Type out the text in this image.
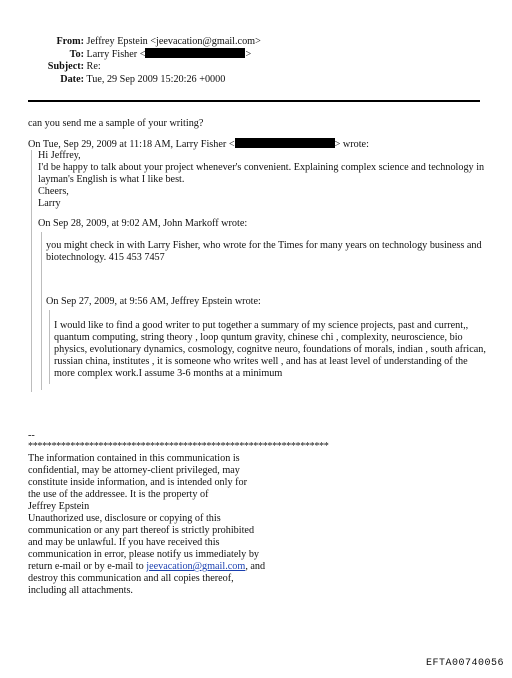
From: Jeffrey Epstein <jeevacation@gmail.com>
To: Larry Fisher <	>
Subject: Re:
Date: Tue, 29 Sep 2009 15:20:26 +0000
can you send me a sample of your writing?
On Tue, Sep 29, 2009 at 11:18 AM, Larry Fisher <	> wrote:
Hi Jeffrey,
I'd be happy to talk about your project whenever's convenient. Explaining complex science and technology in
layman's English is what I like best.
Cheers,
Larry
On Sep 28, 2009, at 9:02 AM, John Markoff wrote:
you might check in with Larry Fisher, who wrote for the Times for many years on technology business and
biotechnology. 415 453 7457
On Sep 27, 2009, at 9:56 AM, Jeffrey Epstein wrote:
I would like to find a good writer to put together a summary of my science projects, past and current,,
quantum computing, string theory , loop quntum gravity, chinese chi , complexity, neuroscience, bio
physics, evolutionary dynamics, cosmology, cognitve neuro, foundations of morals, indian , south african,
russian china, institutes , it is someone who writes well , and has at least level of understanding of the
more complex work.I assume 3-6 months at a minimum
--
****************************************************************
The information contained in this communication is
confidential, may be attorney-client privileged, may
constitute inside information, and is intended only for
the use of the addressee. It is the property of
Jeffrey Epstein
Unauthorized use, disclosure or copying of this
communication or any part thereof is strictly prohibited
and may be unlawful. If you have received this
communication in error, please notify us immediately by
return e-mail or by e-mail to jeevacation@gmail.com, and
destroy this communication and all copies thereof,
including all attachments.
EFTA00740056
